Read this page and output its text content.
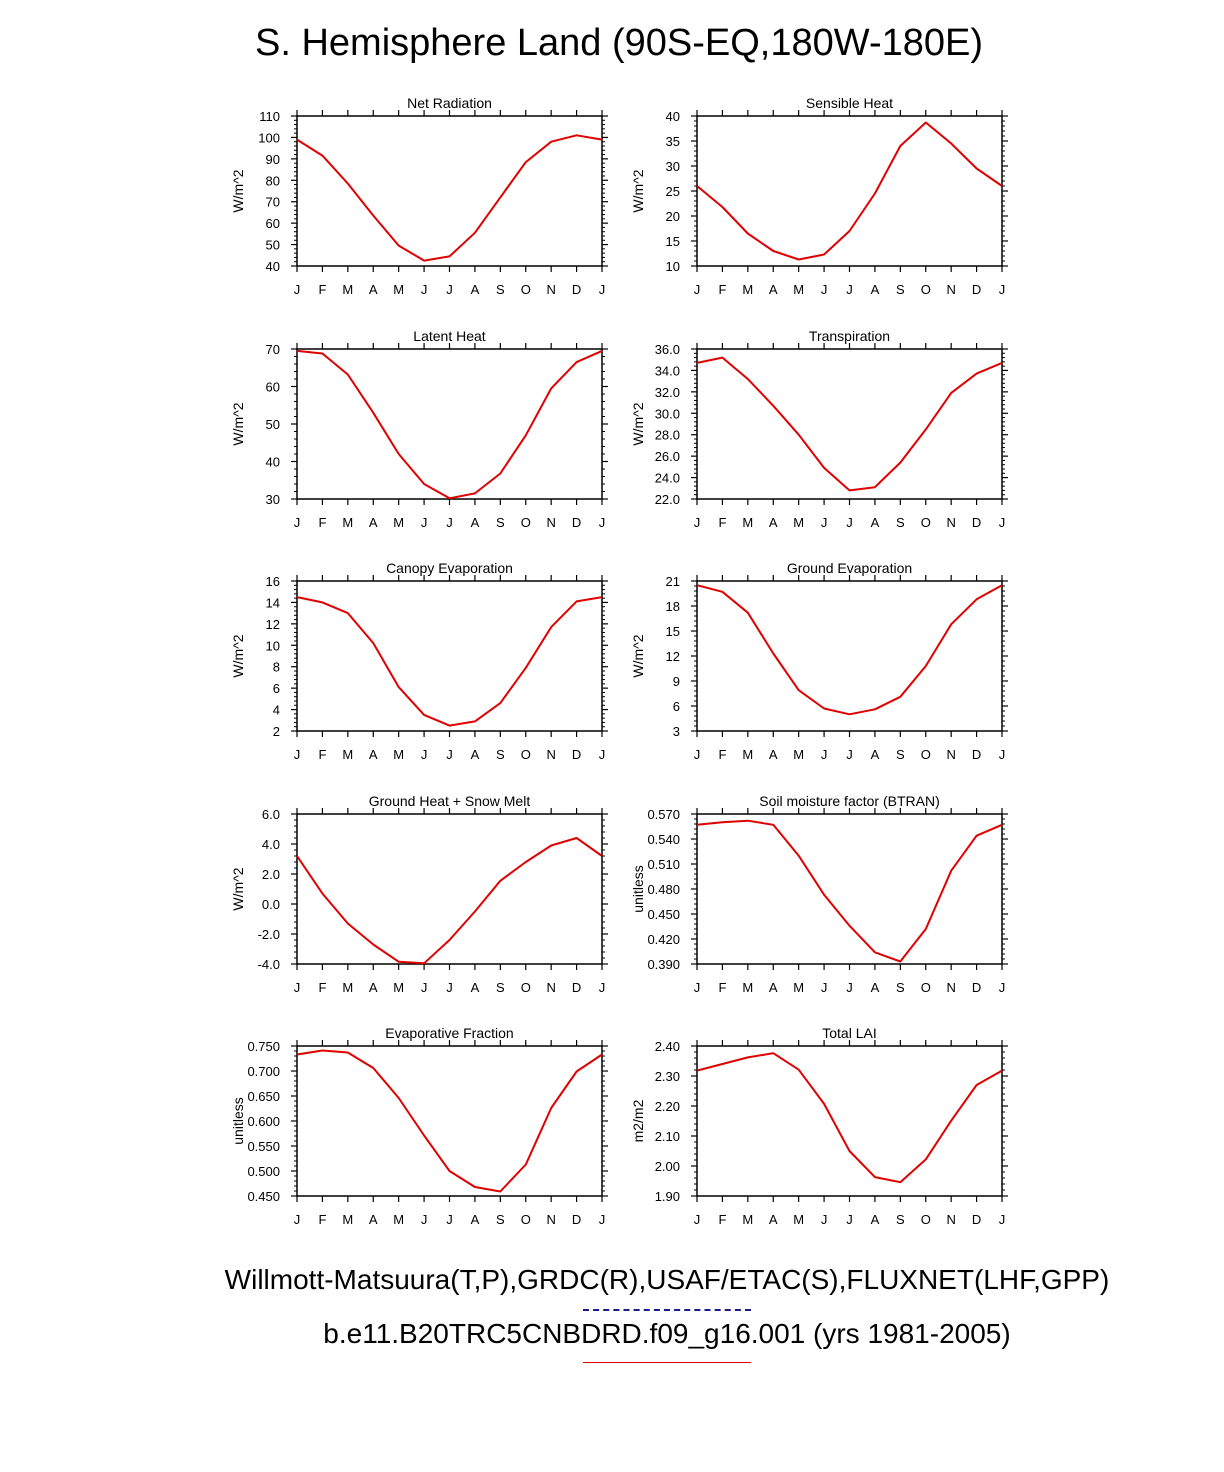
S. Hemisphere Land (90S-EQ,180W-180E)
J F M A M J J A S O N D J
40
50
60
70
80
90
100
110
Net Radiation
W/m^2
J F M A M J J A S O N D J
10
15
20
25
30
35
40
Sensible Heat
W/m^2
J F M A M J J A S O N D J
30
40
50
60
70
Latent Heat
W/m^2
J F M A M J J A S O N D J
22.0
24.0
26.0
28.0
30.0
32.0
34.0
36.0
Transpiration
W/m^2
J F M A M J J A S O N D J
2
4
6
8
10
12
14
16
Canopy Evaporation
W/m^2
J F M A M J J A S O N D J
3
6
9
12
15
18
21
Ground Evaporation
W/m^2
J F M A M J J A S O N D J
-4.0
-2.0
0.0
2.0
4.0
6.0
Ground Heat + Snow Melt
W/m^2
J F M A M J J A S O N D J
0.390
0.420
0.450
0.480
0.510
0.540
0.570
Soil moisture factor (BTRAN)
unitless
J F M A M J J A S O N D J
0.450
0.500
0.550
0.600
0.650
0.700
0.750
Evaporative Fraction
unitless
J F M A M J J A S O N D J
1.90
2.00
2.10
2.20
2.30
2.40
Total LAI
m2/m2
Willmott-Matsuura(T,P),GRDC(R),USAF/ETAC(S),FLUXNET(LHF,GPP)
b.e11.B20TRC5CNBDRD.f09_g16.001 (yrs 1981-2005)
